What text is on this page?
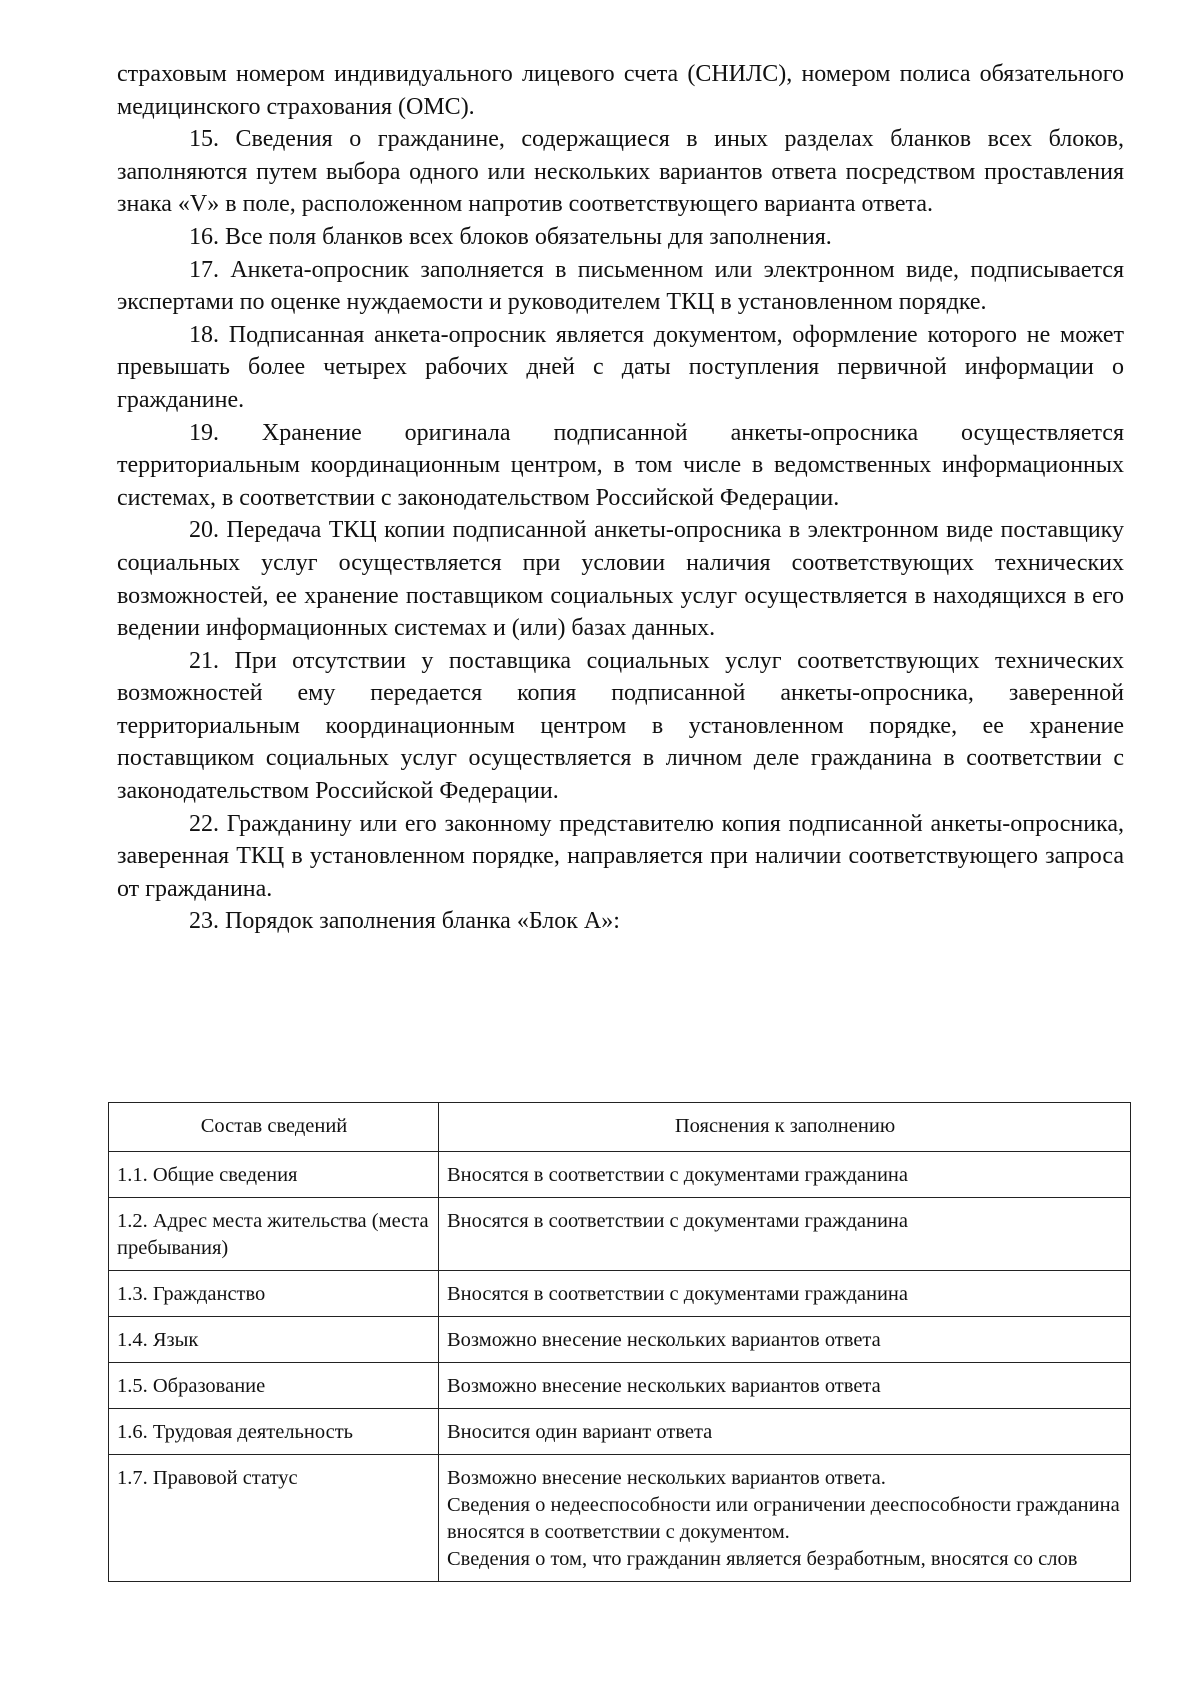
страховым номером индивидуального лицевого счета (СНИЛС), номером полиса обязательного медицинского страхования (ОМС).

15. Сведения о гражданине, содержащиеся в иных разделах бланков всех блоков, заполняются путем выбора одного или нескольких вариантов ответа посредством проставления знака «V» в поле, расположенном напротив соответствующего варианта ответа.

16. Все поля бланков всех блоков обязательны для заполнения.

17. Анкета-опросник заполняется в письменном или электронном виде, подписывается экспертами по оценке нуждаемости и руководителем ТКЦ в установленном порядке.

18. Подписанная анкета-опросник является документом, оформление которого не может превышать более четырех рабочих дней с даты поступления первичной информации о гражданине.

19. Хранение оригинала подписанной анкеты-опросника осуществляется территориальным координационным центром, в том числе в ведомственных информационных системах, в соответствии с законодательством Российской Федерации.

20. Передача ТКЦ копии подписанной анкеты-опросника в электронном виде поставщику социальных услуг осуществляется при условии наличия соответствующих технических возможностей, ее хранение поставщиком социальных услуг осуществляется в находящихся в его ведении информационных системах и (или) базах данных.

21. При отсутствии у поставщика социальных услуг соответствующих технических возможностей ему передается копия подписанной анкеты-опросника, заверенной территориальным координационным центром в установленном порядке, ее хранение поставщиком социальных услуг осуществляется в личном деле гражданина в соответствии с законодательством Российской Федерации.

22. Гражданину или его законному представителю копия подписанной анкеты-опросника, заверенная ТКЦ в установленном порядке, направляется при наличии соответствующего запроса от гражданина.

23. Порядок заполнения бланка «Блок А»:

Состав сведений	Пояснения к заполнению
1.1. Общие сведения	Вносятся в соответствии с документами гражданина

1.2. Адрес места жительства (места пребывания)	Вносятся в соответствии с документами гражданина

1.3. Гражданство	Вносятся в соответствии с документами гражданина

1.4. Язык	Возможно внесение нескольких вариантов ответа

1.5. Образование	Возможно внесение нескольких вариантов ответа

1.6. Трудовая деятельность	Вносится один вариант ответа

1.7. Правовой статус	Возможно внесение нескольких вариантов ответа.
Сведения о недееспособности или ограничении дееспособности гражданина вносятся в соответствии с документом.
Сведения о том, что гражданин является безработным, вносятся со слов
